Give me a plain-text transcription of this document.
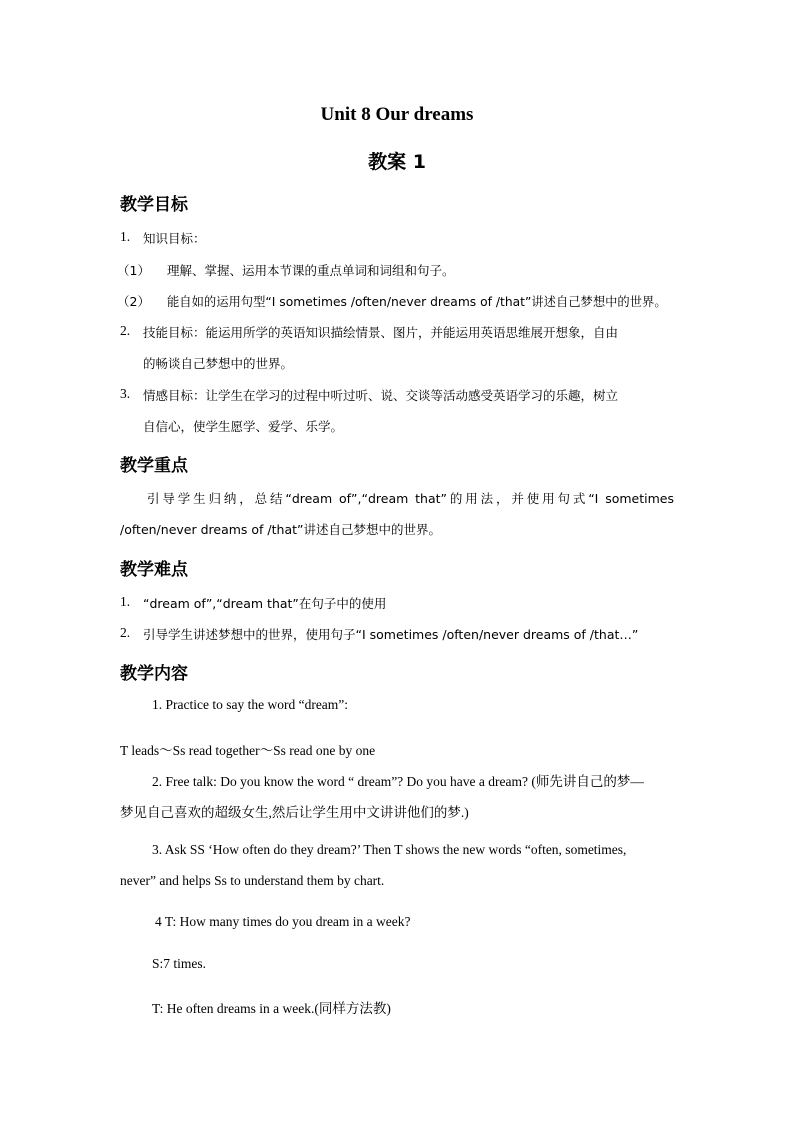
Unit 8 Our dreams
教案 1
教学目标
1. 知识目标：
（1） 理解、掌握、运用本节课的重点单词和词组和句子。
（2） 能自如的运用句型“I sometimes /often/never dreams of /that”讲述自己梦想中的世界。
2. 技能目标：能运用所学的英语知识描绘情景、图片，并能运用英语思维展开想象，自由
的畅谈自己梦想中的世界。
3. 情感目标：让学生在学习的过程中听过听、说、交谈等活动感受英语学习的乐趣，树立
自信心，使学生愿学、爱学、乐学。
教学重点
引导学生归纳，总结“dream of”,“dream that”的用法，并使用句式“I sometimes
/often/never dreams of /that”讲述自己梦想中的世界。
教学难点
1. “dream of”,“dream that”在句子中的使用
2. 引导学生讲述梦想中的世界，使用句子“I sometimes /often/never dreams of /that…”
教学内容
1. Practice to say the word “dream”:
T leads～Ss read together～Ss read one by one
2. Free talk: Do you know the word “ dream”? Do you have a dream? (师先讲自己的梦—
梦见自己喜欢的超级女生,然后让学生用中文讲讲他们的梦.)
3. Ask SS ‘How often do they dream?’ Then T shows the new words “often, sometimes,
never” and helps Ss to understand them by chart.
4 T: How many times do you dream in a week?
S:7 times.
T: He often dreams in a week.(同样方法教)
